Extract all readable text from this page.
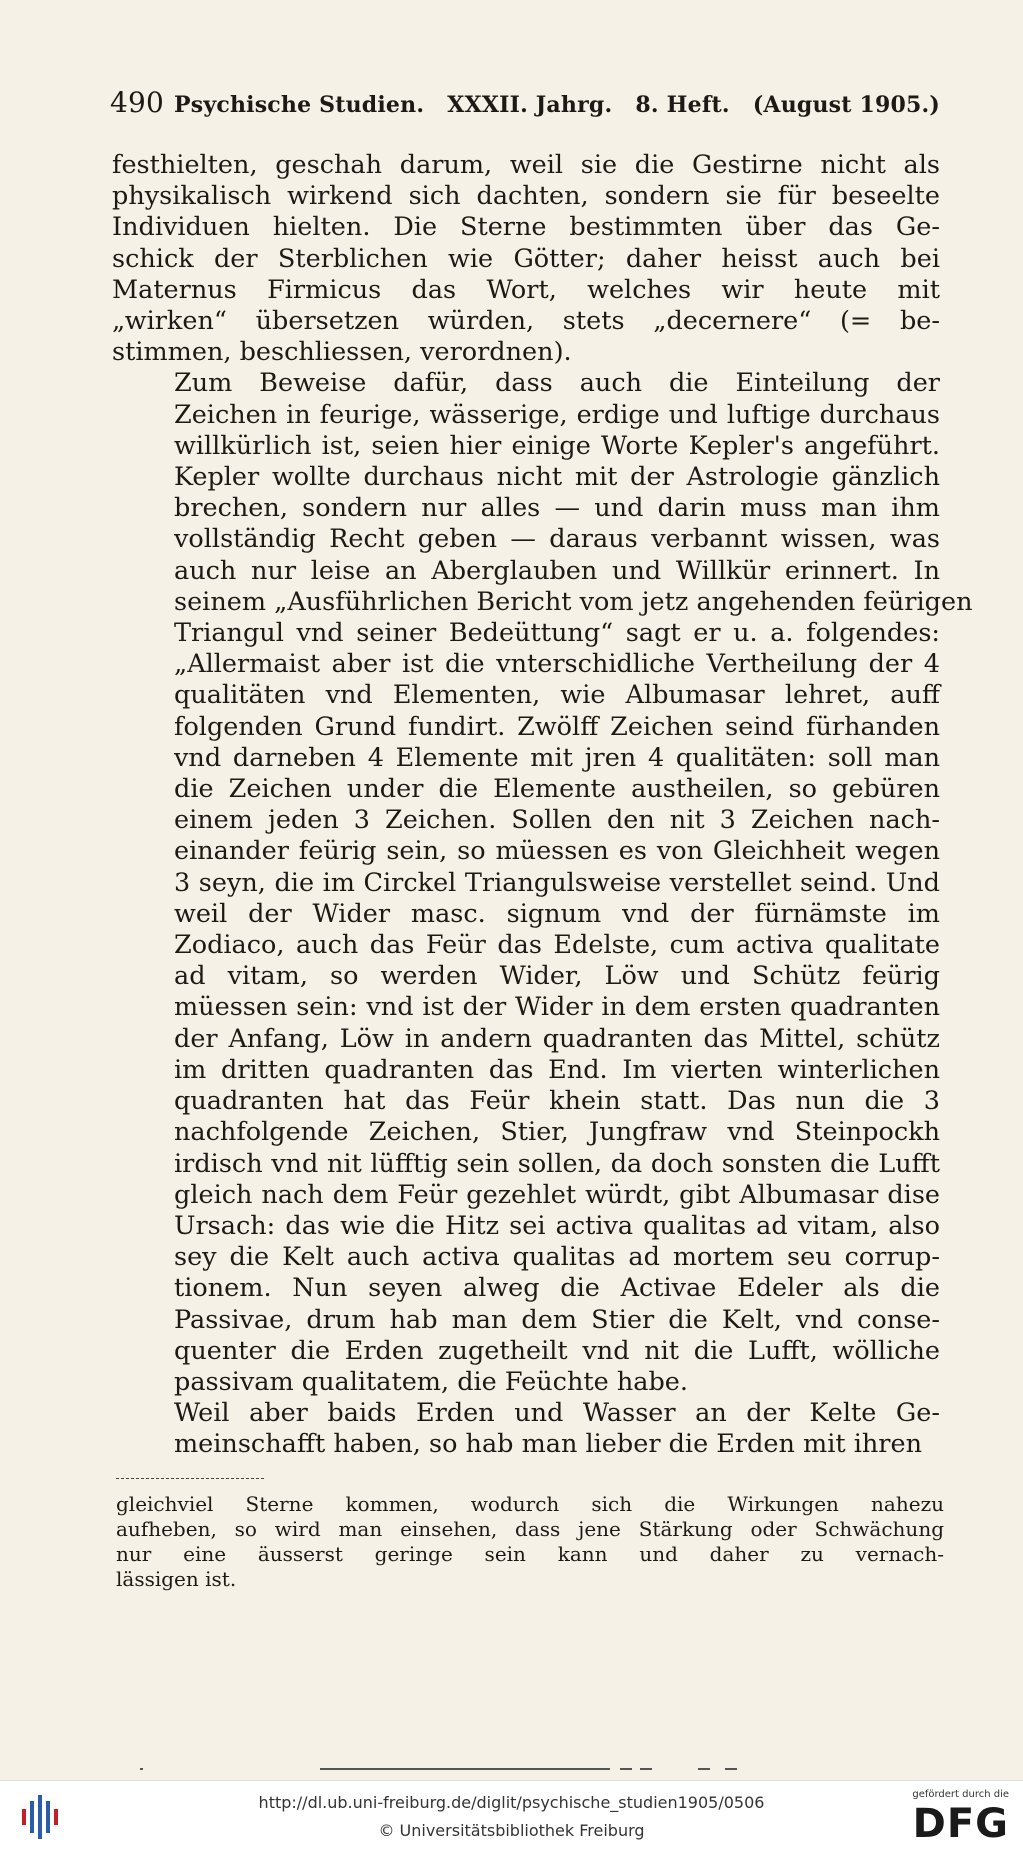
490 Psychische Studien. XXXII. Jahrg. 8. Heft. (August 1905.)

festhielten, geschah darum, weil sie die Gestirne nicht als
physikalisch wirkend sich dachten, sondern sie für beseelte
Individuen hielten. Die Sterne bestimmten über das Ge-
schick der Sterblichen wie Götter; daher heisst auch bei
Maternus Firmicus das Wort, welches wir heute mit
„wirken“ übersetzen würden, stets „decernere“ (= be-
stimmen, beschliessen, verordnen).

Zum Beweise dafür, dass auch die Einteilung der
Zeichen in feurige, wässerige, erdige und luftige durchaus
willkürlich ist, seien hier einige Worte Kepler's angeführt.
Kepler wollte durchaus nicht mit der Astrologie gänzlich
brechen, sondern nur alles — und darin muss man ihm
vollständig Recht geben — daraus verbannt wissen, was
auch nur leise an Aberglauben und Willkür erinnert. In
seinem „Ausführlichen Bericht vom jetz angehenden feürigen
Triangul vnd seiner Bedeüttung“ sagt er u. a. folgendes:
„Allermaist aber ist die vnterschidliche Vertheilung der 4
qualitäten vnd Elementen, wie Albumasar lehret, auff
folgenden Grund fundirt. Zwölff Zeichen seind fürhanden
vnd darneben 4 Elemente mit jren 4 qualitäten: soll man
die Zeichen under die Elemente austheilen, so gebüren
einem jeden 3 Zeichen. Sollen den nit 3 Zeichen nach-
einander feürig sein, so müessen es von Gleichheit wegen
3 seyn, die im Circkel Triangulsweise verstellet seind. Und
weil der Wider masc. signum vnd der fürnämste im
Zodiaco, auch das Feür das Edelste, cum activa qualitate
ad vitam, so werden Wider, Löw und Schütz feürig
müessen sein: vnd ist der Wider in dem ersten quadranten
der Anfang, Löw in andern quadranten das Mittel, schütz
im dritten quadranten das End. Im vierten winterlichen
quadranten hat das Feür khein statt. Das nun die 3
nachfolgende Zeichen, Stier, Jungfraw vnd Steinpockh
irdisch vnd nit lüfftig sein sollen, da doch sonsten die Lufft
gleich nach dem Feür gezehlet würdt, gibt Albumasar dise
Ursach: das wie die Hitz sei activa qualitas ad vitam, also
sey die Kelt auch activa qualitas ad mortem seu corrup-
tionem. Nun seyen alweg die Activae Edeler als die
Passivae, drum hab man dem Stier die Kelt, vnd conse-
quenter die Erden zugetheilt vnd nit die Lufft, wölliche
passivam qualitatem, die Feüchte habe.

Weil aber baids Erden und Wasser an der Kelte Ge-
meinschafft haben, so hab man lieber die Erden mit ihren

gleichviel Sterne kommen, wodurch sich die Wirkungen nahezu
aufheben, so wird man einsehen, dass jene Stärkung oder Schwächung
nur eine äusserst geringe sein kann und daher zu vernach-
lässigen ist.
http://dl.ub.uni-freiburg.de/diglit/psychische_studien1905/0506
© Universitätsbibliothek Freiburg
gefördert durch die
DFG
